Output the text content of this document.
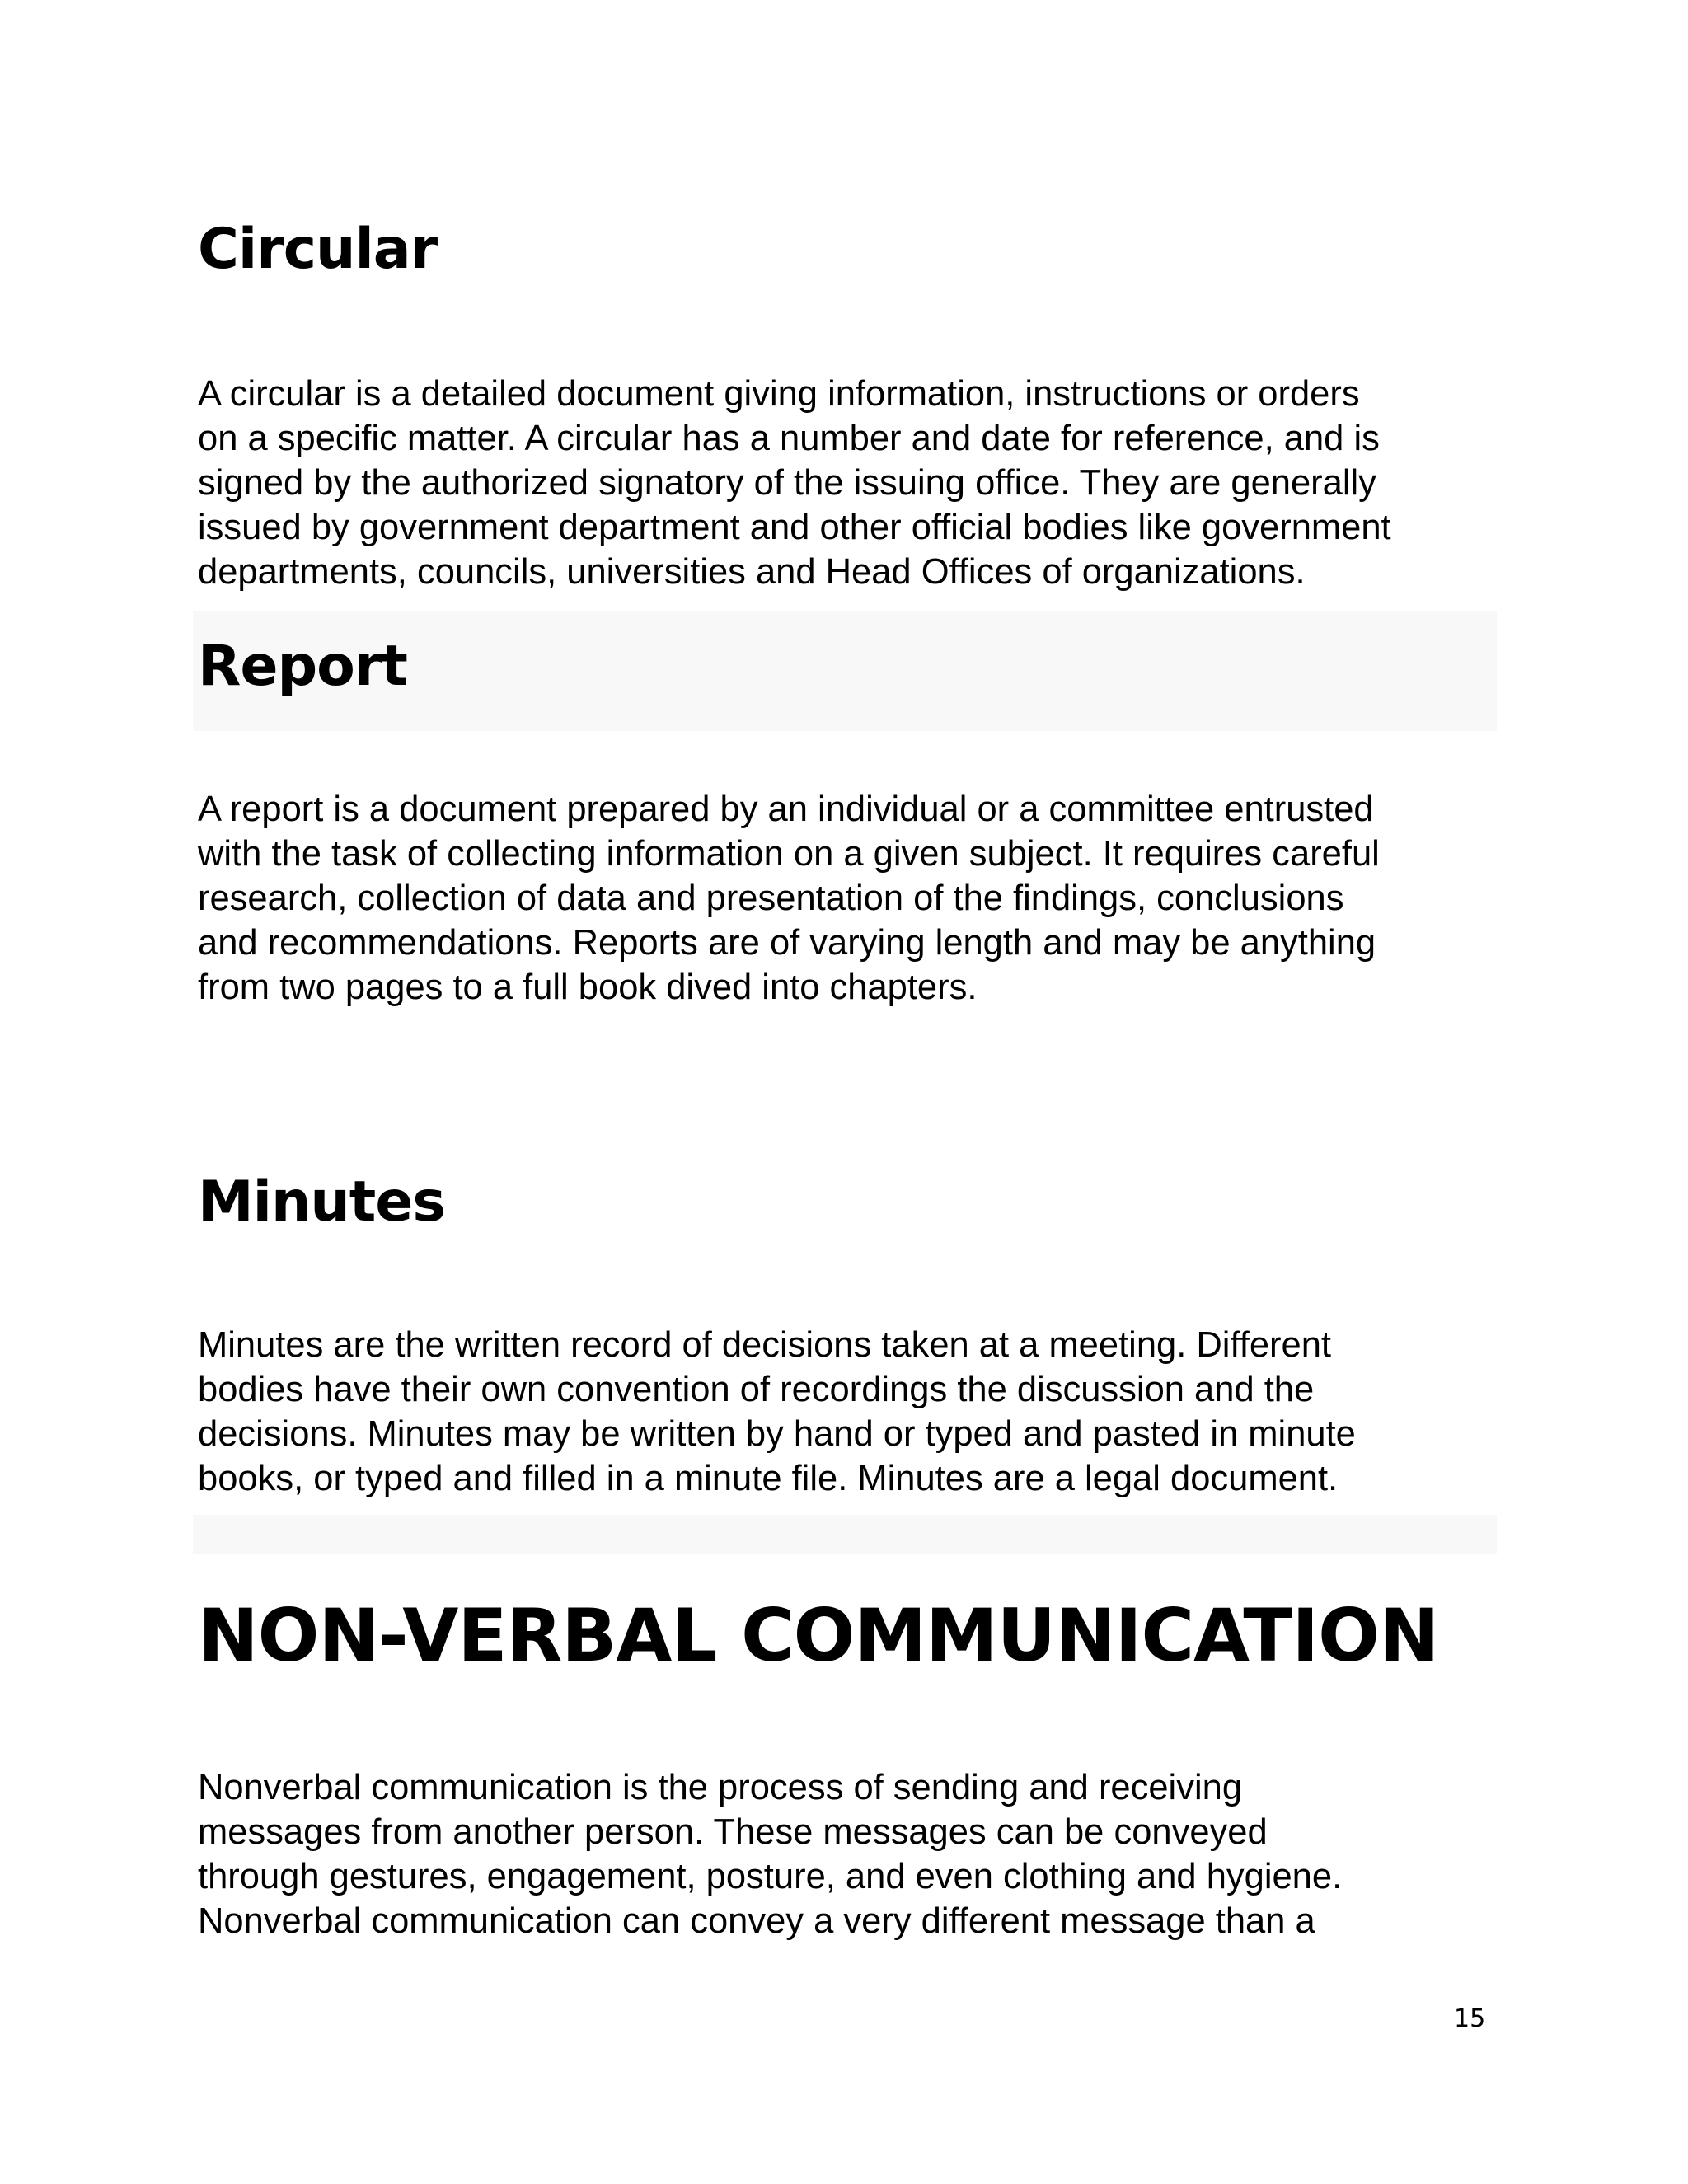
Circular
A circular is a detailed document giving information, instructions or orders
on a specific matter. A circular has a number and date for reference, and is
signed by the authorized signatory of the issuing office. They are generally
issued by government department and other official bodies like government
departments, councils, universities and Head Offices of organizations.
Report
A report is a document prepared by an individual or a committee entrusted
with the task of collecting information on a given subject. It requires careful
research, collection of data and presentation of the findings, conclusions
and recommendations. Reports are of varying length and may be anything
from two pages to a full book dived into chapters.
Minutes
Minutes are the written record of decisions taken at a meeting. Different
bodies have their own convention of recordings the discussion and the
decisions. Minutes may be written by hand or typed and pasted in minute
books, or typed and filled in a minute file. Minutes are a legal document.
NON-VERBAL COMMUNICATION
Nonverbal communication is the process of sending and receiving
messages from another person. These messages can be conveyed
through gestures, engagement, posture, and even clothing and hygiene.
Nonverbal communication can convey a very different message than a
15
